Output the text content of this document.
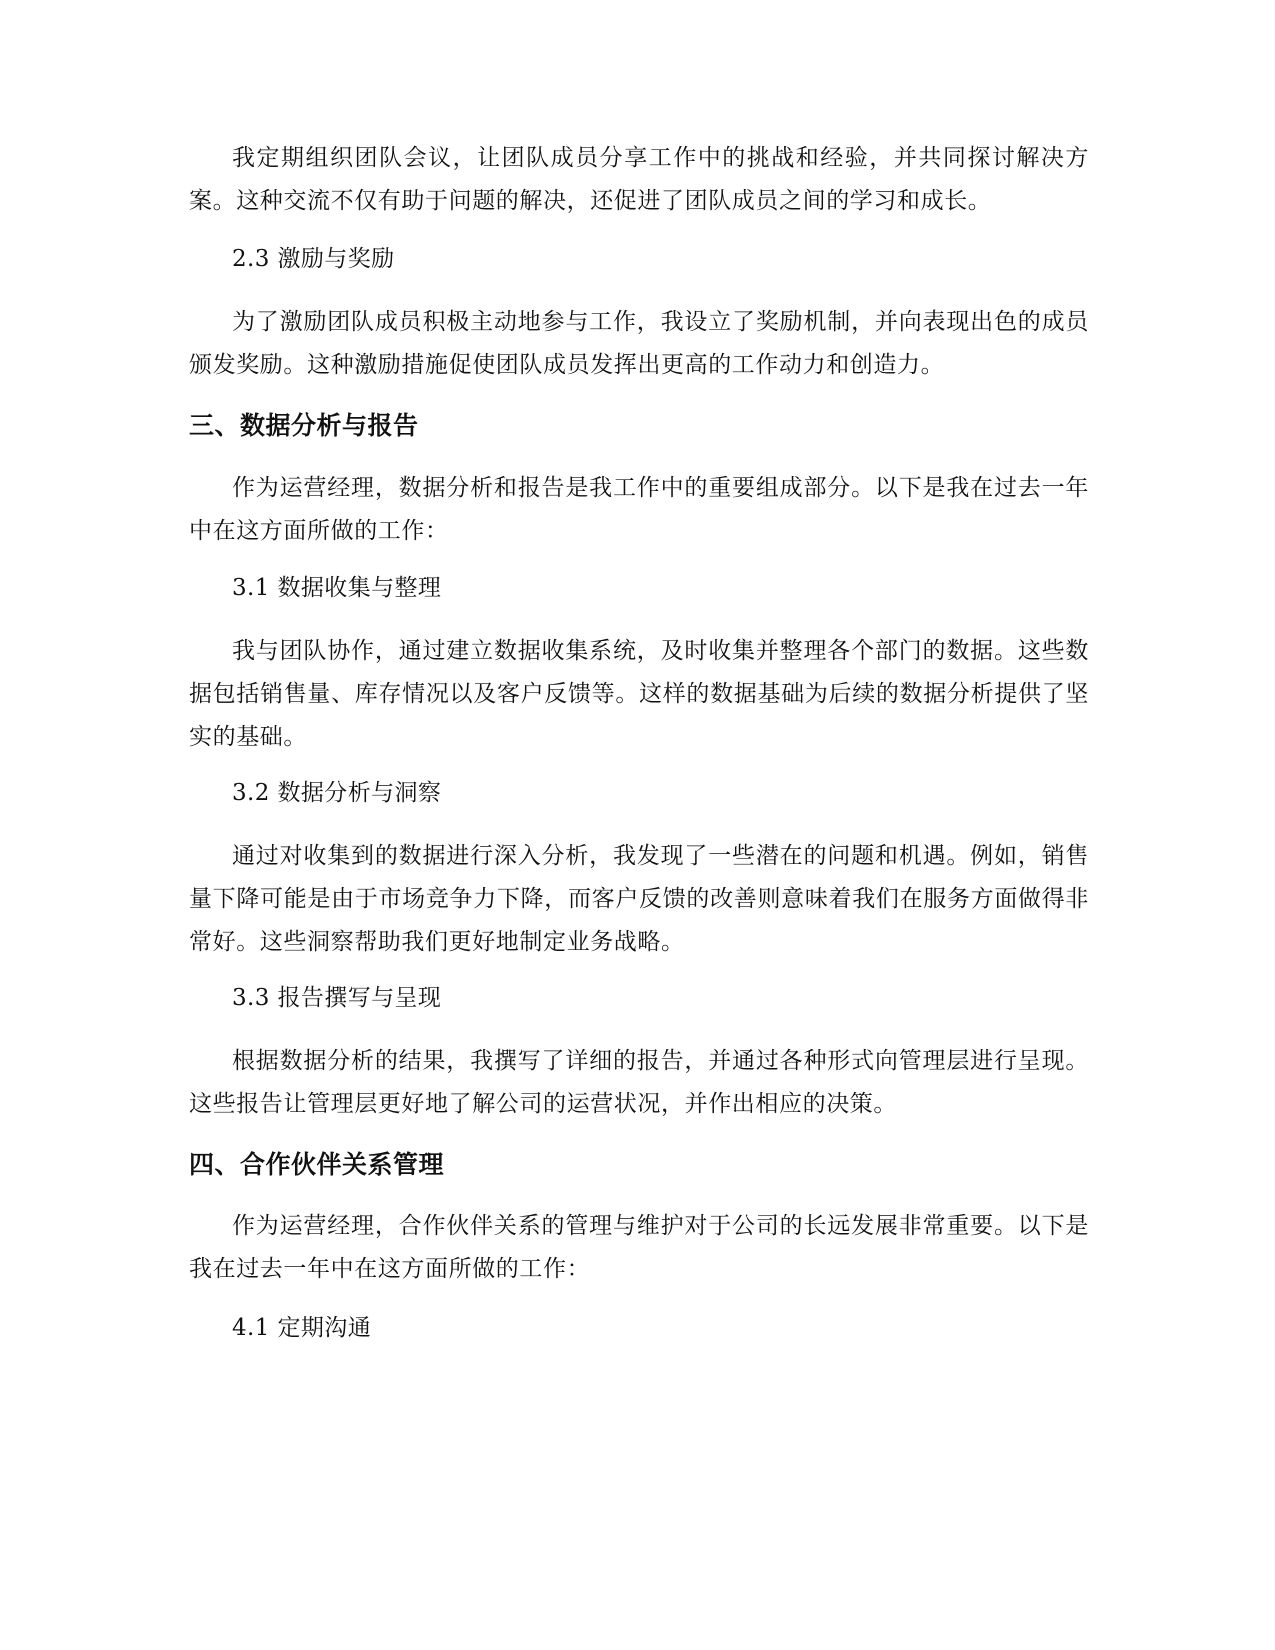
我定期组织团队会议，让团队成员分享工作中的挑战和经验，并共同探讨解决方案。这种交流不仅有助于问题的解决，还促进了团队成员之间的学习和成长。

2.3 激励与奖励

为了激励团队成员积极主动地参与工作，我设立了奖励机制，并向表现出色的成员颁发奖励。这种激励措施促使团队成员发挥出更高的工作动力和创造力。

三、数据分析与报告

作为运营经理，数据分析和报告是我工作中的重要组成部分。以下是我在过去一年中在这方面所做的工作：

3.1 数据收集与整理

我与团队协作，通过建立数据收集系统，及时收集并整理各个部门的数据。这些数据包括销售量、库存情况以及客户反馈等。这样的数据基础为后续的数据分析提供了坚实的基础。

3.2 数据分析与洞察

通过对收集到的数据进行深入分析，我发现了一些潜在的问题和机遇。例如，销售量下降可能是由于市场竞争力下降，而客户反馈的改善则意味着我们在服务方面做得非常好。这些洞察帮助我们更好地制定业务战略。

3.3 报告撰写与呈现

根据数据分析的结果，我撰写了详细的报告，并通过各种形式向管理层进行呈现。这些报告让管理层更好地了解公司的运营状况，并作出相应的决策。

四、合作伙伴关系管理

作为运营经理，合作伙伴关系的管理与维护对于公司的长远发展非常重要。以下是我在过去一年中在这方面所做的工作：

4.1 定期沟通
